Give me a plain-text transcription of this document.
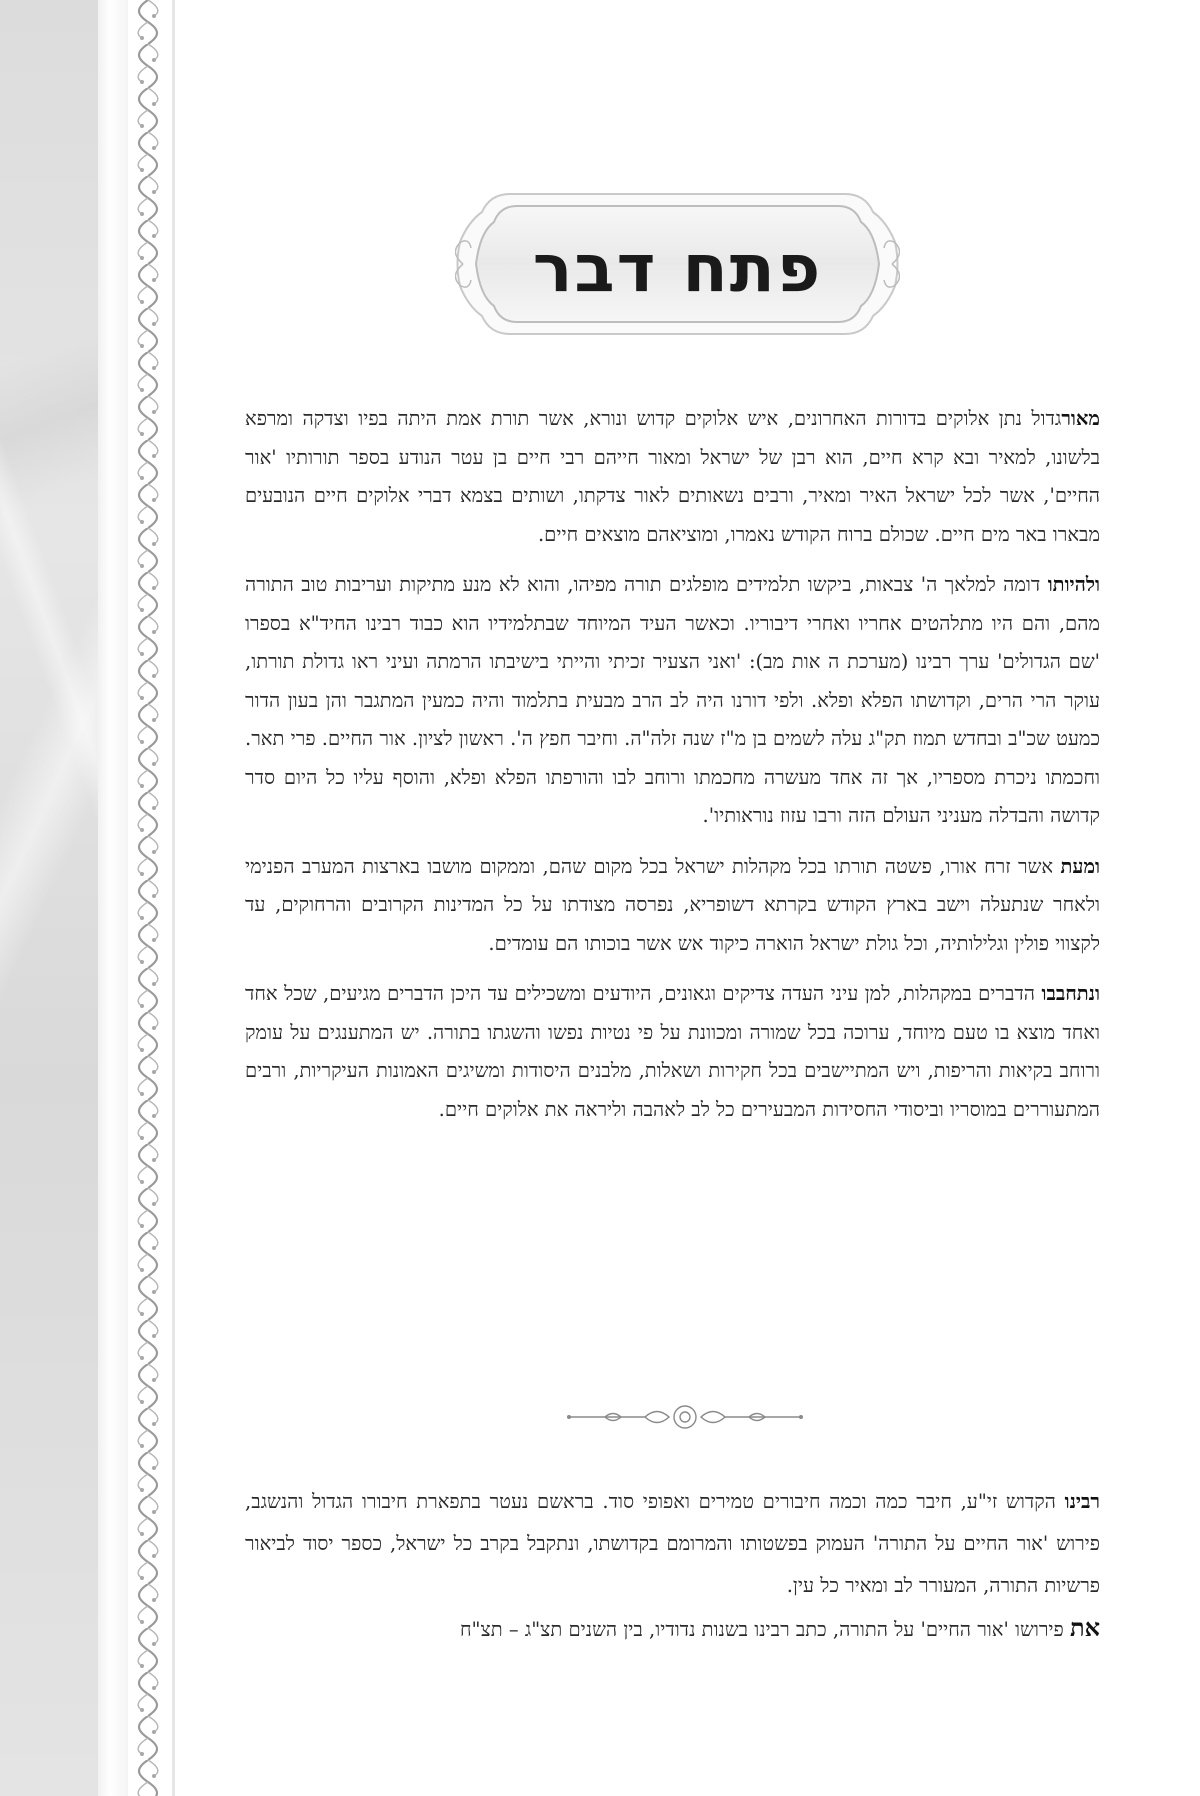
פתח דבר

מאורגדול נתן אלוקים בדורות האחרונים, איש אלוקים קדוש ונורא, אשר תורת אמת היתה בפיו וצדקה ומרפא בלשונו, למאיר ובא קרא חיים, הוא רבן של ישראל ומאור חייהם רבי חיים בן עטר הנודע בספר תורותיו 'אור החיים', אשר לכל ישראל האיר ומאיר, ורבים נשאותים לאור צדקתו, ושותים בצמא דברי אלוקים חיים הנובעים מבארו באר מים חיים. שכולם ברוח הקודש נאמרו, ומוציאהם מוצאים חיים.

ולהיותו דומה למלאך ה' צבאות, ביקשו תלמידים מופלגים תורה מפיהו, והוא לא מנע מתיקות ועריבות טוב התורה מהם, והם היו מתלהטים אחריו ואחרי דיבוריו. וכאשר העיד המיוחד שבתלמידיו הוא כבוד רבינו החיד"א בספרו 'שם הגדולים' ערך רבינו (מערכת ה אות מב): 'ואני הצעיר זכיתי והייתי בישיבתו הרמתה ועיני ראו גדולת תורתו, עוקר הרי הרים, וקדושתו הפלא ופלא. ולפי דורנו היה לב הרב מבעית בתלמוד והיה כמעין המתגבר והן בעון הדור כמעט שכ"ב ובחדש תמוז תק"ג עלה לשמים בן מ"ז שנה זלה"ה. וחיבר חפץ ה'. ראשון לציון. אור החיים. פרי תאר. וחכמתו ניכרת מספריו, אך זה אחד מעשרה מחכמתו ורוחב לבו והורפתו הפלא ופלא, והוסף עליו כל היום סדר קדושה והבדלה מעניני העולם הזה ורבו עזוז נוראותיו'.

ומעת אשר זרח אורו, פשטה תורתו בכל מקהלות ישראל בכל מקום שהם, וממקום מושבו בארצות המערב הפנימי ולאחר שנתעלה וישב בארץ הקודש בקרתא דשופריא, נפרסה מצודתו על כל המדינות הקרובים והרחוקים, עד לקצווי פולין וגלילותיה, וכל גולת ישראל הוארה כיקוד אש אשר בוכותו הם עומדים.

ונתחבבו הדברים במקהלות, למן עיני העדה צדיקים וגאונים, היודעים ומשכילים עד היכן הדברים מגיעים, שכל אחד ואחד מוצא בו טעם מיוחד, ערוכה בכל שמורה ומכוונת על פי נטיות נפשו והשגתו בתורה. יש המתענגים על עומק ורוחב בקיאות והריפות, ויש המתיישבים בכל חקירות ושאלות, מלבנים היסודות ומשיגים האמונות העיקריות, ורבים המתעוררים במוסריו וביסודי החסידות המבעירים כל לב לאהבה וליראה את אלוקים חיים.

רבינו הקדוש זי"ע, חיבר כמה וכמה חיבורים טמירים ואפופי סוד. בראשם נעטר בתפארת חיבורו הגדול והנשגב, פירוש 'אור החיים על התורה' העמוק בפשטותו והמרומם בקדושתו, ונתקבל בקרב כל ישראל, כספר יסוד לביאור פרשיות התורה, המעורר לב ומאיר כל עין.

את פירושו 'אור החיים' על התורה, כתב רבינו בשנות נדודיו, בין השנים תצ"ג – תצ"ח
